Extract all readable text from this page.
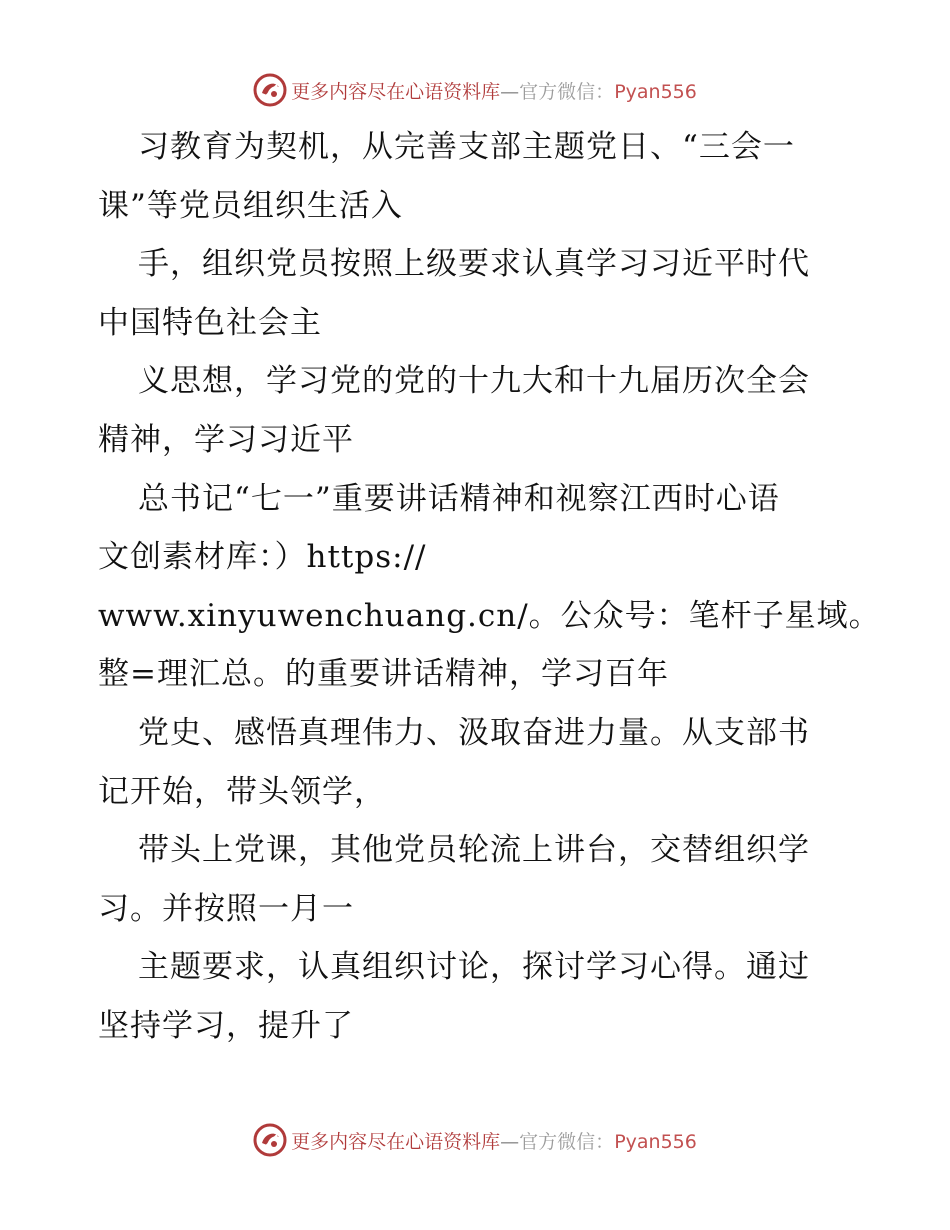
更多内容尽在心语资料库—官方微信：Pyan556
习教育为契机，从完善支部主题党日、“三会一
课”等党员组织生活入
手，组织党员按照上级要求认真学习习近平时代
中国特色社会主
义思想，学习党的党的十九大和十九届历次全会
精神，学习习近平
总书记“七一”重要讲话精神和视察江西时心语
文创素材库：）https://
www.xinyuwenchuang.cn/。公众号：笔杆子星域。
整=理汇总。的重要讲话精神，学习百年
党史、感悟真理伟力、汲取奋进力量。从支部书
记开始，带头领学，
带头上党课，其他党员轮流上讲台，交替组织学
习。并按照一月一
主题要求，认真组织讨论，探讨学习心得。通过
坚持学习，提升了
更多内容尽在心语资料库—官方微信：Pyan556
